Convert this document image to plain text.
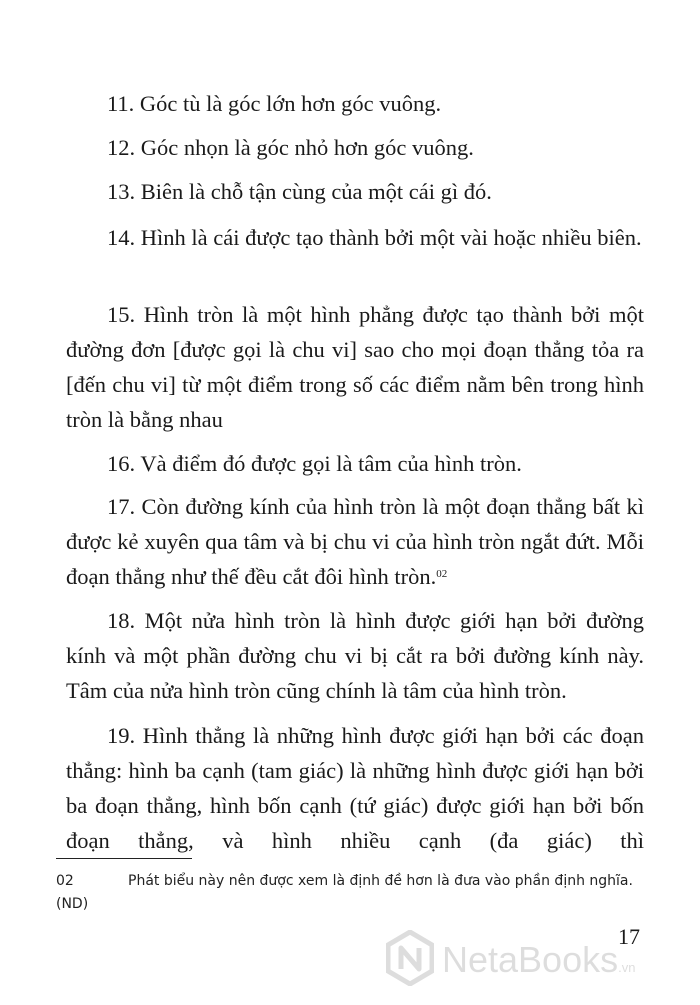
11. Góc tù là góc lớn hơn góc vuông.

12. Góc nhọn là góc nhỏ hơn góc vuông.

13. Biên là chỗ tận cùng của một cái gì đó.

14. Hình là cái được tạo thành bởi một vài hoặc nhiều biên.

15. Hình tròn là một hình phẳng được tạo thành bởi một đường đơn [được gọi là chu vi] sao cho mọi đoạn thẳng tỏa ra [đến chu vi] từ một điểm trong số các điểm nằm bên trong hình tròn là bằng nhau

16. Và điểm đó được gọi là tâm của hình tròn.

17. Còn đường kính của hình tròn là một đoạn thẳng bất kì được kẻ xuyên qua tâm và bị chu vi của hình tròn ngắt đứt. Mỗi đoạn thẳng như thế đều cắt đôi hình tròn.$^{02}$

18. Một nửa hình tròn là hình được giới hạn bởi đường kính và một phần đường chu vi bị cắt ra bởi đường kính này. Tâm của nửa hình tròn cũng chính là tâm của hình tròn.

19. Hình thẳng là những hình được giới hạn bởi các đoạn thẳng: hình ba cạnh (tam giác) là những hình được giới hạn bởi ba đoạn thẳng, hình bốn cạnh (tứ giác) được giới hạn bởi bốn đoạn thẳng, và hình nhiều cạnh (đa giác) thì

02	Phát biểu này nên được xem là định đề hơn là đưa vào phần định nghĩa. (ND)

17
NetaBooks.vn
